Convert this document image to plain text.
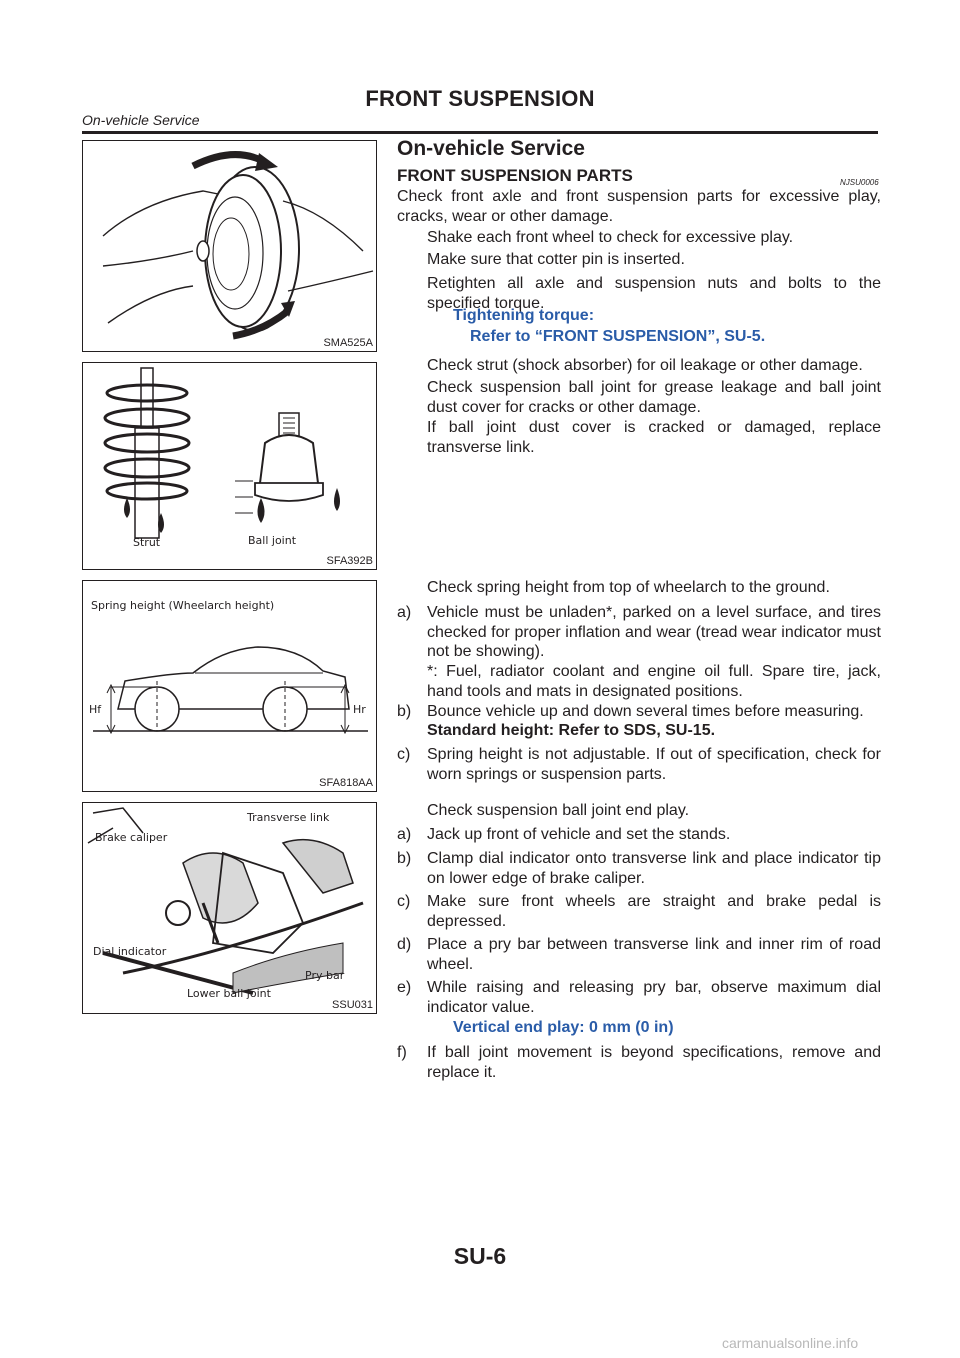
FRONT SUSPENSION
On-vehicle Service
SMA525A
Strut	Ball joint
SFA392B
Spring height (Wheelarch height)
Hf	Hr
SFA818AA
Transverse link
Brake caliper
Dial indicator
Pry bar
Lower ball joint
SSU031
On-vehicle Service
FRONT SUSPENSION PARTS	NJSU0006
Check front axle and front suspension parts for excessive play, cracks, wear or other damage.
Shake each front wheel to check for excessive play.
Make sure that cotter pin is inserted.
Retighten all axle and suspension nuts and bolts to the specified torque.
Tightening torque:
Refer to “FRONT SUSPENSION”, SU-5.
Check strut (shock absorber) for oil leakage or other damage.
Check suspension ball joint for grease leakage and ball joint dust cover for cracks or other damage.
If ball joint dust cover is cracked or damaged, replace transverse link.
Check spring height from top of wheelarch to the ground.
a) Vehicle must be unladen*, parked on a level surface, and tires checked for proper inflation and wear (tread wear indicator must not be showing).
*: Fuel, radiator coolant and engine oil full. Spare tire, jack, hand tools and mats in designated positions.
b) Bounce vehicle up and down several times before measuring.
Standard height: Refer to SDS, SU-15.
c) Spring height is not adjustable. If out of specification, check for worn springs or suspension parts.
Check suspension ball joint end play.
a) Jack up front of vehicle and set the stands.
b) Clamp dial indicator onto transverse link and place indicator tip on lower edge of brake caliper.
c) Make sure front wheels are straight and brake pedal is depressed.
d) Place a pry bar between transverse link and inner rim of road wheel.
e) While raising and releasing pry bar, observe maximum dial indicator value.
Vertical end play: 0 mm (0 in)
f) If ball joint movement is beyond specifications, remove and replace it.
SU-6
carmanualsonline.info
